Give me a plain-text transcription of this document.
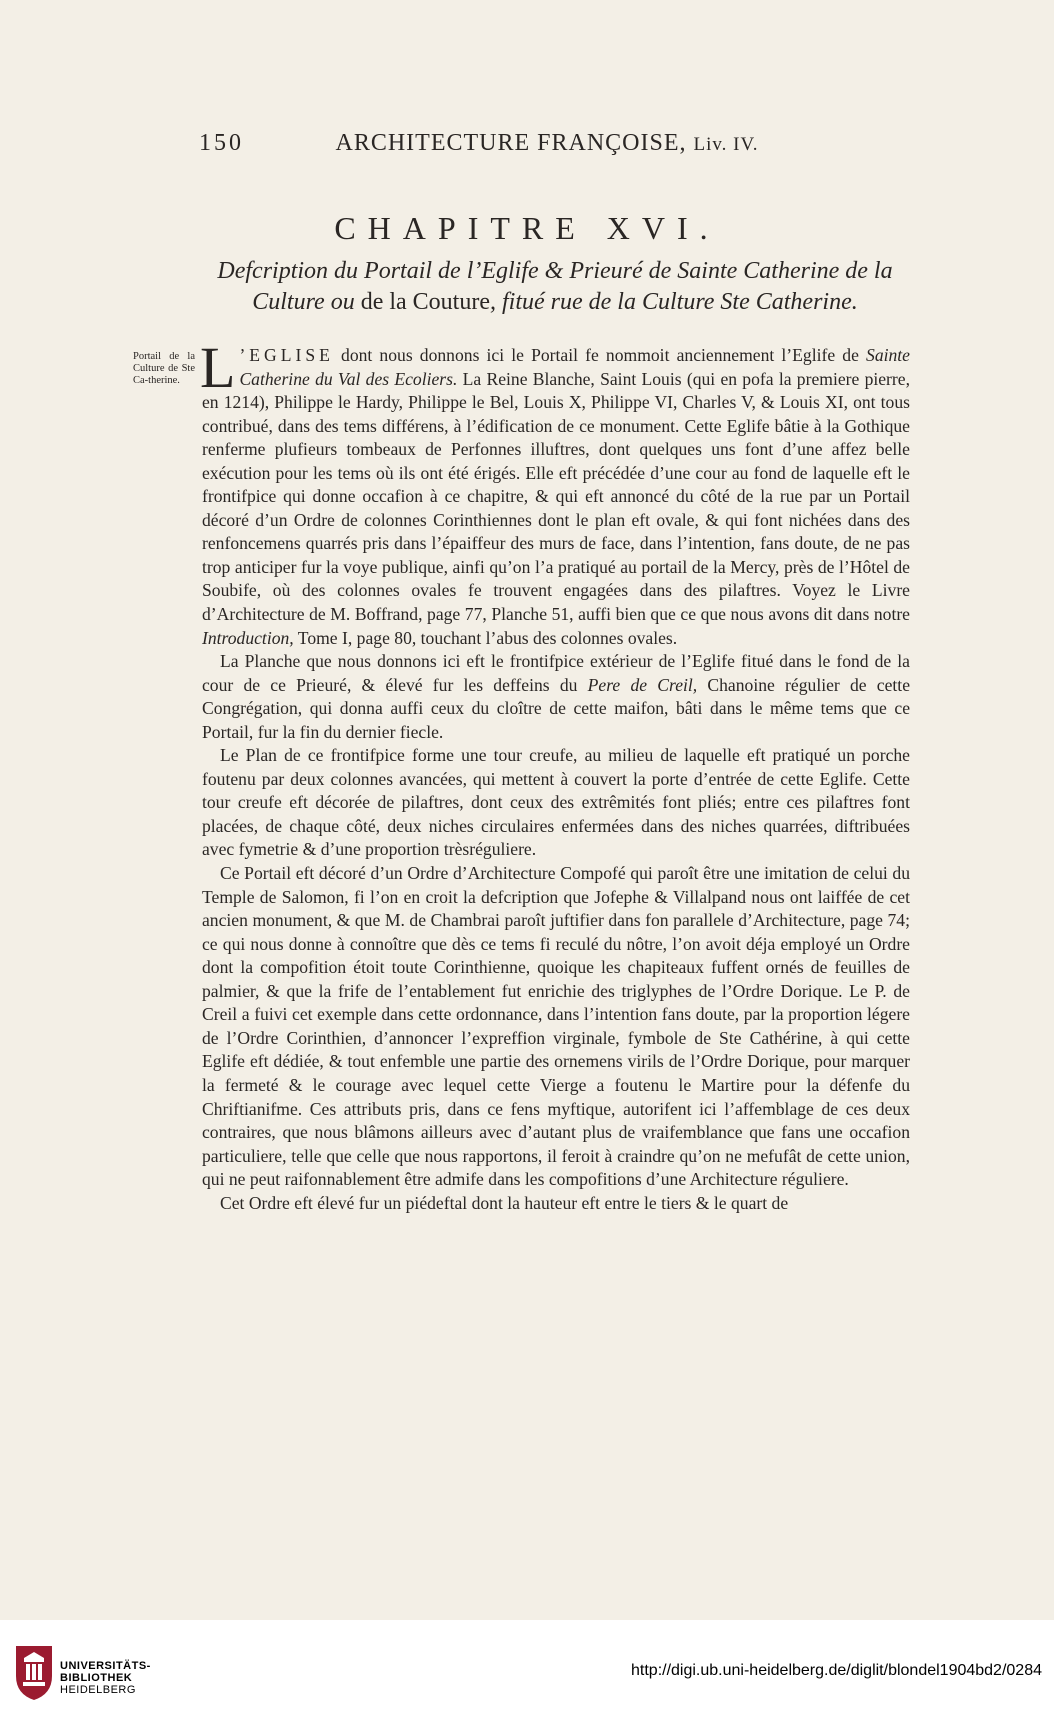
150	ARCHITECTURE FRANÇOISE, Liv. IV.
CHAPITRE XVI.
Defcription du Portail de l’Eglife & Prieuré de Sainte Catherine de la Culture ou de la Couture, fitué rue de la Culture Ste Catherine.
Portail de la Culture de Ste Ca-therine. L ’EGLISE dont nous donnons ici le Portail fe nommoit anciennement l’Eglife de Sainte Catherine du Val des Ecoliers. La Reine Blanche, Saint Louis (qui en pofa la premiere pierre, en 1214), Philippe le Hardy, Philippe le Bel, Louis X, Philippe VI, Charles V, & Louis XI, ont tous contribué, dans des tems différens, à l’édification de ce monument. Cette Eglife bâtie à la Gothique renferme plufieurs tombeaux de Perfonnes illuftres, dont quelques uns font d’une affez belle exécution pour les tems où ils ont été érigés. Elle eft précédée d’une cour au fond de laquelle eft le frontifpice qui donne occafion à ce chapitre, & qui eft annoncé du côté de la rue par un Portail décoré d’un Ordre de colonnes Corinthiennes dont le plan eft ovale, & qui font nichées dans des renfoncemens quarrés pris dans l’épaiffeur des murs de face, dans l’intention, fans doute, de ne pas trop anticiper fur la voye publique, ainfi qu’on l’a pratiqué au portail de la Mercy, près de l’Hôtel de Soubife, où des colonnes ovales fe trouvent engagées dans des pilaftres. Voyez le Livre d’Architecture de M. Boffrand, page 77, Planche 51, auffi bien que ce que nous avons dit dans notre Introduction, Tome I, page 80, touchant l’abus des colonnes ovales.

La Planche que nous donnons ici eft le frontifpice extérieur de l’Eglife fitué dans le fond de la cour de ce Prieuré, & élevé fur les deffeins du Pere de Creil, Chanoine régulier de cette Congrégation, qui donna auffi ceux du cloître de cette maifon, bâti dans le même tems que ce Portail, fur la fin du dernier fiecle.

Le Plan de ce frontifpice forme une tour creufe, au milieu de laquelle eft pratiqué un porche foutenu par deux colonnes avancées, qui mettent à couvert la porte d’entrée de cette Eglife. Cette tour creufe eft décorée de pilaftres, dont ceux des extrêmités font pliés; entre ces pilaftres font placées, de chaque côté, deux niches circulaires enfermées dans des niches quarrées, diftribuées avec fymetrie & d’une proportion trèsréguliere.

Ce Portail eft décoré d’un Ordre d’Architecture Compofé qui paroît être une imitation de celui du Temple de Salomon, fi l’on en croit la defcription que Jofephe & Villalpand nous ont laiffée de cet ancien monument, & que M. de Chambrai paroît juftifier dans fon parallele d’Architecture, page 74; ce qui nous donne à connoître que dès ce tems fi reculé du nôtre, l’on avoit déja employé un Ordre dont la compofition étoit toute Corinthienne, quoique les chapiteaux fuffent ornés de feuilles de palmier, & que la frife de l’entablement fut enrichie des triglyphes de l’Ordre Dorique. Le P. de Creil a fuivi cet exemple dans cette ordonnance, dans l’intention fans doute, par la proportion légere de l’Ordre Corinthien, d’annoncer l’expreffion virginale, fymbole de Ste Cathérine, à qui cette Eglife eft dédiée, & tout enfemble une partie des ornemens virils de l’Ordre Dorique, pour marquer la fermeté & le courage avec lequel cette Vierge a foutenu le Martire pour la défenfe du Chriftianifme. Ces attributs pris, dans ce fens myftique, autorifent ici l’affemblage de ces deux contraires, que nous blâmons ailleurs avec d’autant plus de vraifemblance que fans une occafion particuliere, telle que celle que nous rapportons, il feroit à craindre qu’on ne mefufât de cette union, qui ne peut raifonnablement être admife dans les compofitions d’une Architecture réguliere.

Cet Ordre eft élevé fur un piédeftal dont la hauteur eft entre le tiers & le quart de

UNIVERSITÄTS-
BIBLIOTHEK
HEIDELBERG
http://digi.ub.uni-heidelberg.de/diglit/blondel1904bd2/0284
